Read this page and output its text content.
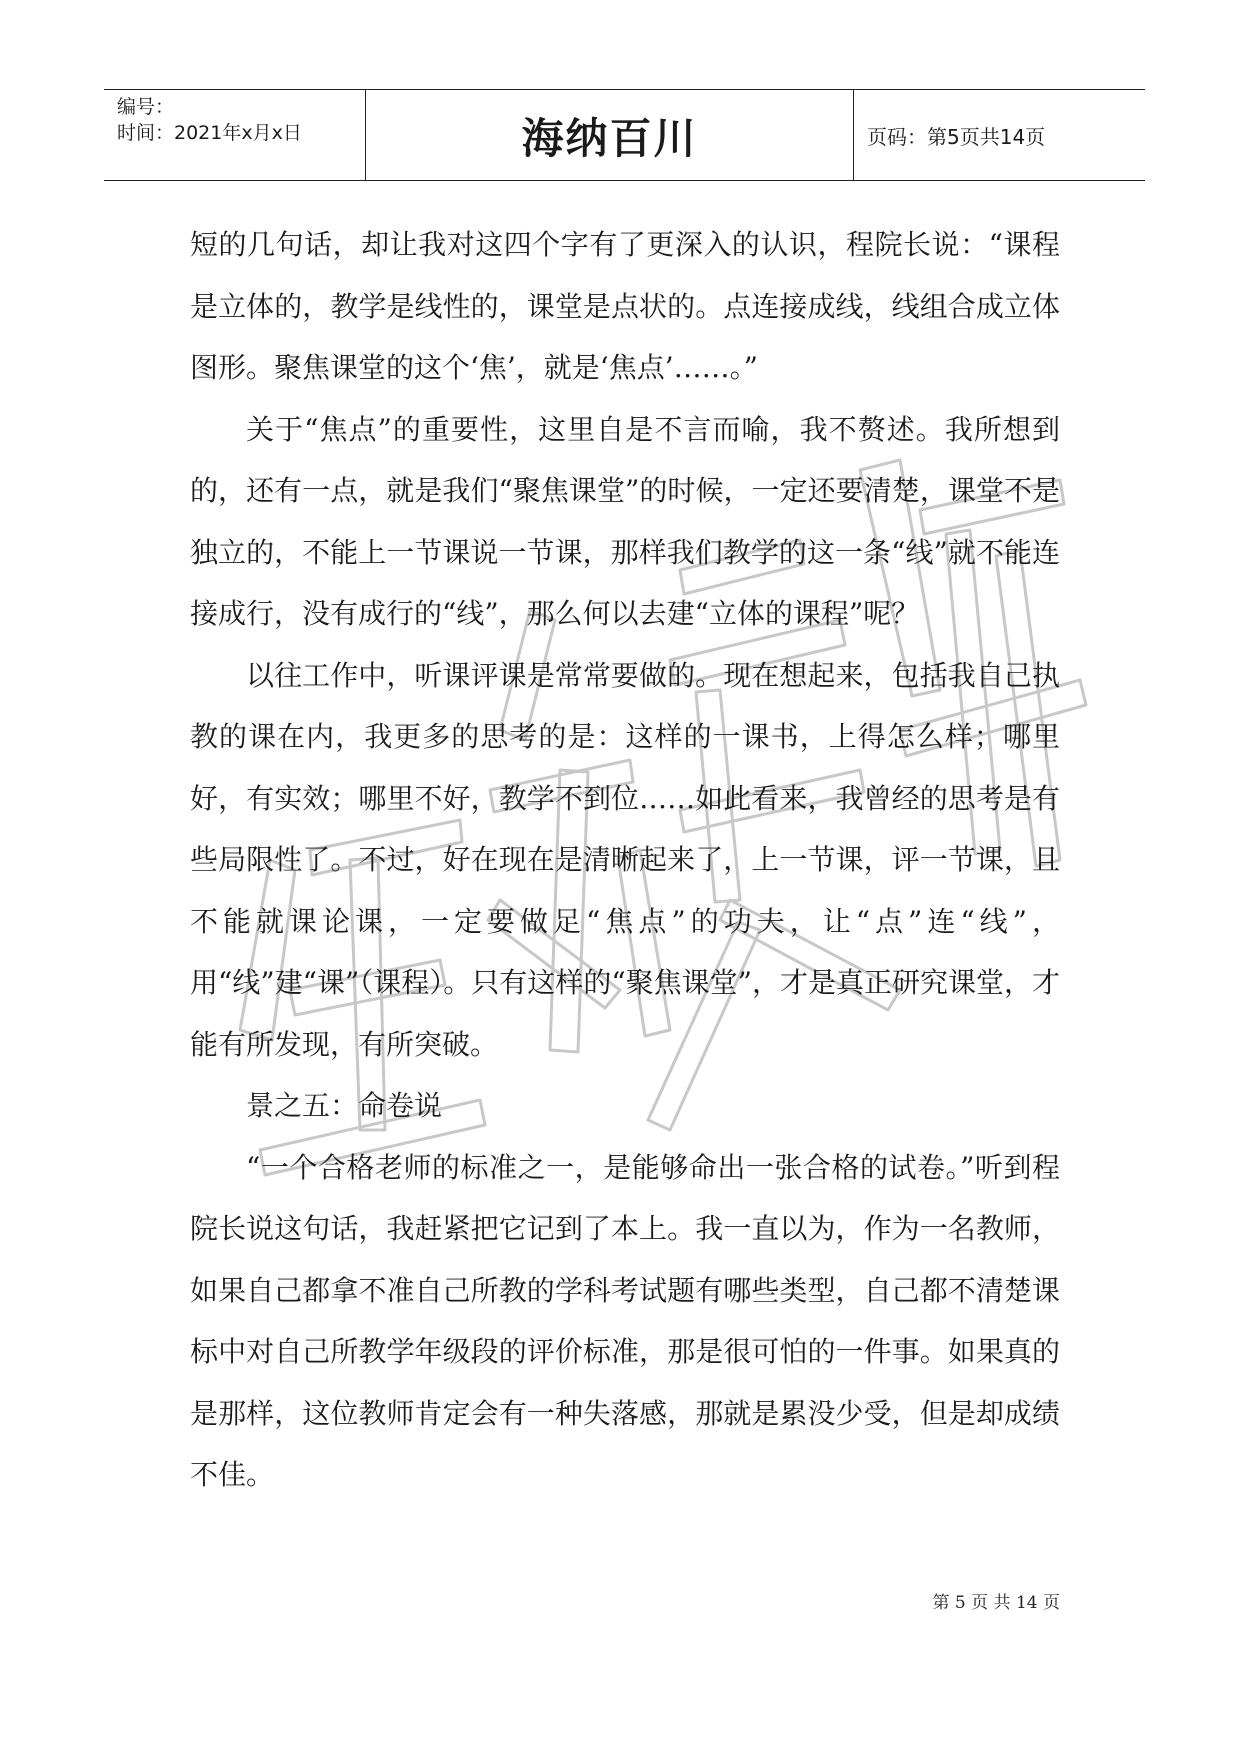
编号：
时间：2021年x月x日	海纳百川	页码：第5页共14页

短的几句话，却让我对这四个字有了更深入的认识，程院长说：“课程是立体的，教学是线性的，课堂是点状的。点连接成线，线组合成立体图形。聚焦课堂的这个‘焦’，就是‘焦点’……。”

关于“焦点”的重要性，这里自是不言而喻，我不赘述。我所想到的，还有一点，就是我们“聚焦课堂”的时候，一定还要清楚，课堂不是独立的，不能上一节课说一节课，那样我们教学的这一条“线”就不能连接成行，没有成行的“线”，那么何以去建“立体的课程”呢？

以往工作中，听课评课是常常要做的。现在想起来，包括我自己执教的课在内，我更多的思考的是：这样的一课书，上得怎么样；哪里好，有实效；哪里不好，教学不到位……如此看来，我曾经的思考是有些局限性了。不过，好在现在是清晰起来了，上一节课，评一节课，且不能就课论课，一定要做足“焦点”的功夫，让“点”连“线”，用“线”建“课”（课程）。只有这样的“聚焦课堂”，才是真正研究课堂，才能有所发现，有所突破。

景之五：命卷说

“一个合格老师的标准之一，是能够命出一张合格的试卷。”听到程院长说这句话，我赶紧把它记到了本上。我一直以为，作为一名教师，如果自己都拿不准自己所教的学科考试题有哪些类型，自己都不清楚课标中对自己所教学年级段的评价标准，那是很可怕的一件事。如果真的是那样，这位教师肯定会有一种失落感，那就是累没少受，但是却成绩不佳。

第 5 页 共 14 页
